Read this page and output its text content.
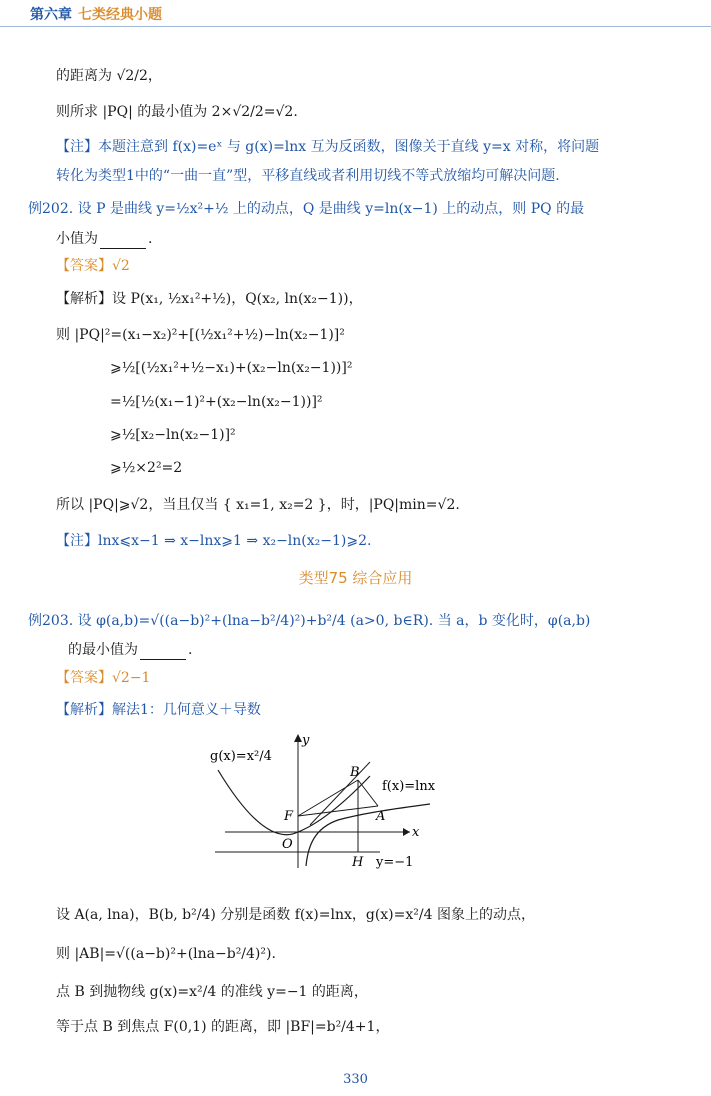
第六章 七类经典小题
的距离为 √2/2，
则所求 |PQ| 的最小值为 2×√2/2=√2.
【注】本题注意到 f(x)=eˣ 与 g(x)=lnx 互为反函数，图像关于直线 y=x 对称，将问题
转化为类型1中的“一曲一直”型，平移直线或者利用切线不等式放缩均可解决问题.
例202. 设 P 是曲线 y=½x²+½ 上的动点，Q 是曲线 y=ln(x−1) 上的动点，则 PQ 的最
小值为	.
【答案】√2
【解析】设 P(x₁, ½x₁²+½)，Q(x₂, ln(x₂−1))，
则 |PQ|²=(x₁−x₂)²+[(½x₁²+½)−ln(x₂−1)]²
⩾½[(½x₁²+½−x₁)+(x₂−ln(x₂−1))]²
=½[½(x₁−1)²+(x₂−ln(x₂−1))]²
⩾½[x₂−ln(x₂−1)]²
⩾½×2²=2
所以 |PQ|⩾√2，当且仅当 { x₁=1, x₂=2 }，时，|PQ|min=√2.
【注】lnx⩽x−1 ⇒ x−lnx⩾1 ⇒ x₂−ln(x₂−1)⩾2.
类型75 综合应用
例203. 设 φ(a,b)=√((a−b)²+(lna−b²/4)²)+b²/4 (a>0, b∈R). 当 a，b 变化时，φ(a,b)
的最小值为	.
【答案】√2−1
【解析】解法1：几何意义＋导数
g(x)=x²/4
f(x)=lnx
x
y
O
B
F	A
H y=−1
设 A(a, lna)，B(b, b²/4) 分别是函数 f(x)=lnx，g(x)=x²/4 图象上的动点，
则 |AB|=√((a−b)²+(lna−b²/4)²).
点 B 到抛物线 g(x)=x²/4 的准线 y=−1 的距离，
等于点 B 到焦点 F(0,1) 的距离，即 |BF|=b²/4+1，
330
